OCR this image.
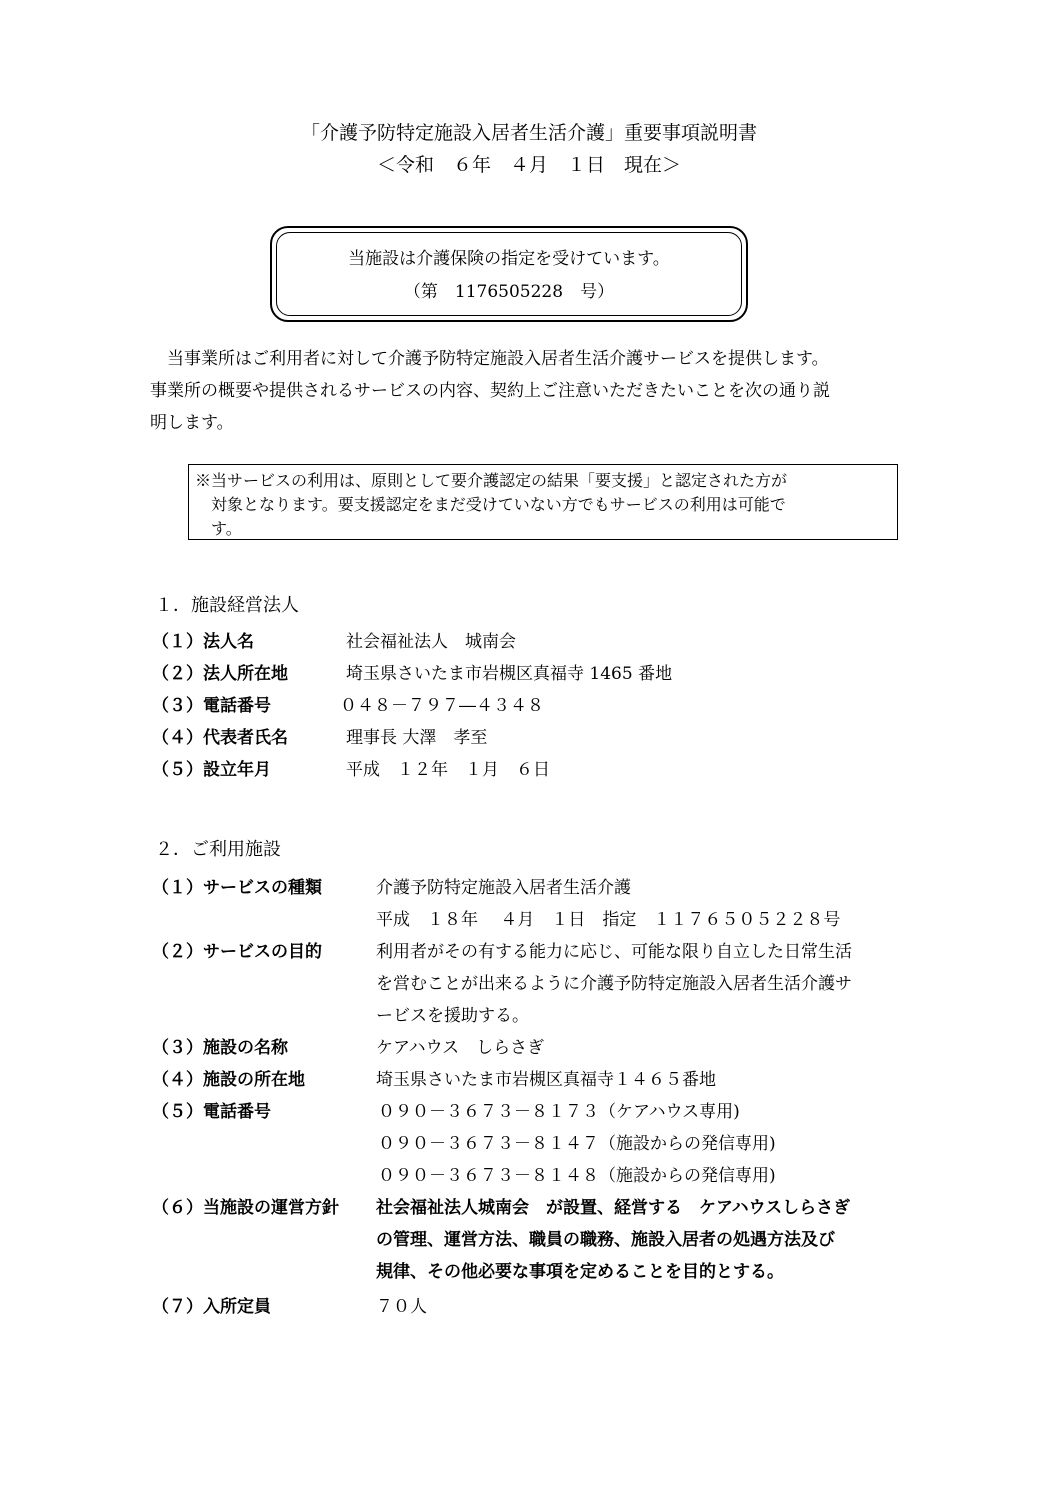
「介護予防特定施設入居者生活介護」重要事項説明書
＜令和　６年　４月　１日　現在＞
当施設は介護保険の指定を受けています。
（第　1176505228　号）
　当事業所はご利用者に対して介護予防特定施設入居者生活介護サービスを提供します。
事業所の概要や提供されるサービスの内容、契約上ご注意いただきたいことを次の通り説
明します。
※当サービスの利用は、原則として要介護認定の結果「要支援」と認定された方が
対象となります。要支援認定をまだ受けていない方でもサービスの利用は可能で
す。
１．施設経営法人
（１）法人名	社会福祉法人　城南会
（２）法人所在地	埼玉県さいたま市岩槻区真福寺 1465 番地
（３）電話番号	０４８－７９７―４３４８
（４）代表者氏名	理事長 大澤　孝至
（５）設立年月	平成　１２年　１月　６日
２．ご利用施設
（１）サービスの種類	介護予防特定施設入居者生活介護
平成　１８年　 ４月　１日　指定　１１７６５０５２２８号
（２）サービスの目的	利用者がその有する能力に応じ、可能な限り自立した日常生活
を営むことが出来るように介護予防特定施設入居者生活介護サ
ービスを援助する。
（３）施設の名称	ケアハウス　しらさぎ
（４）施設の所在地	埼玉県さいたま市岩槻区真福寺１４６５番地
（５）電話番号	０９０－３６７３－８１７３（ケアハウス専用)
０９０－３６７３－８１４７（施設からの発信専用)
０９０－３６７３－８１４８（施設からの発信専用)
（６）当施設の運営方針 社会福祉法人城南会　が設置、経営する　ケアハウスしらさぎ
の管理、運営方法、職員の職務、施設入居者の処遇方法及び
規律、その他必要な事項を定めることを目的とする。
（７）入所定員	７０人
